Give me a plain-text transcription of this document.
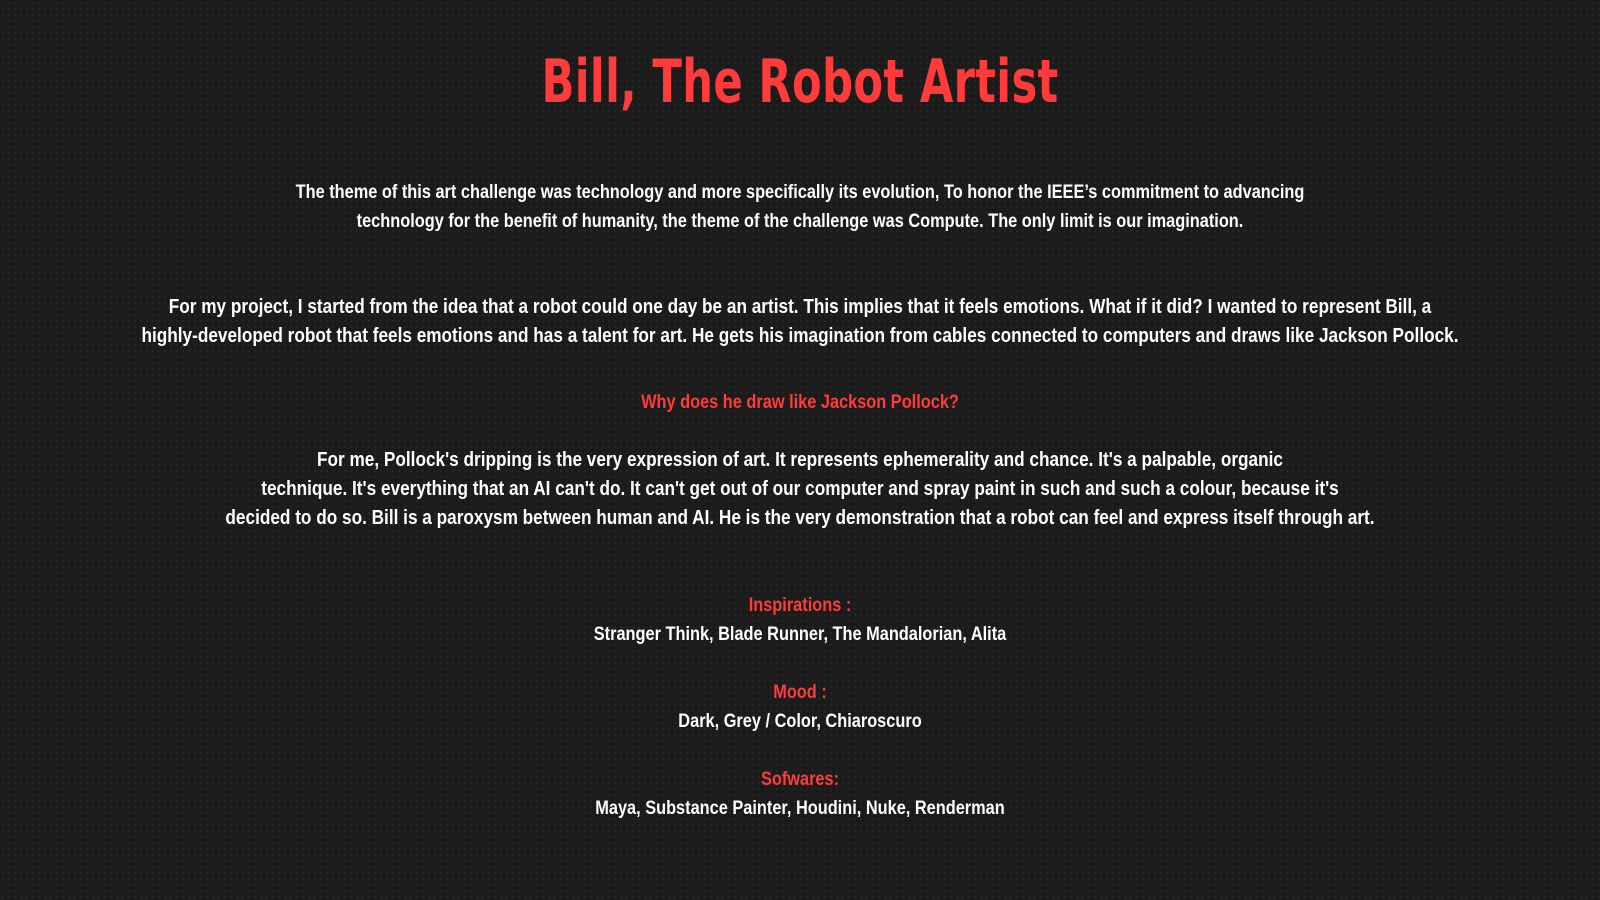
Bill, The Robot Artist

The theme of this art challenge was technology and more specifically its evolution, To honor the IEEE’s commitment to advancing

technology for the benefit of humanity, the theme of the challenge was Compute. The only limit is our imagination.

For my project, I started from the idea that a robot could one day be an artist. This implies that it feels emotions. What if it did? I wanted to represent Bill, a

highly-developed robot that feels emotions and has a talent for art. He gets his imagination from cables connected to computers and draws like Jackson Pollock.

Why does he draw like Jackson Pollock?

For me, Pollock's dripping is the very expression of art. It represents ephemerality and chance. It's a palpable, organic

technique. It's everything that an AI can't do. It can't get out of our computer and spray paint in such and such a colour, because it's

decided to do so. Bill is a paroxysm between human and AI. He is the very demonstration that a robot can feel and express itself through art.

Inspirations :

Stranger Think, Blade Runner, The Mandalorian, Alita

Mood :

Dark, Grey / Color, Chiaroscuro

Sofwares:

Maya, Substance Painter, Houdini, Nuke, Renderman
